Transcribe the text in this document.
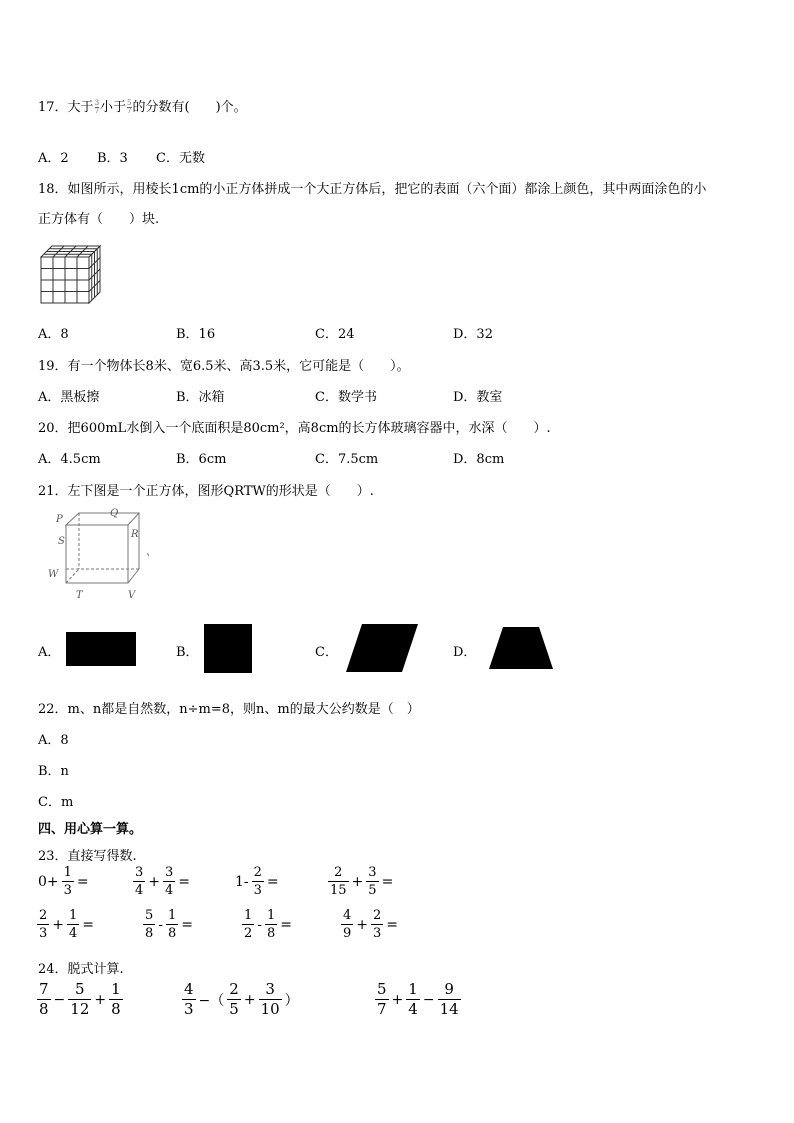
17．大于 $\frac{3}{7}$ 小于 $\frac{5}{7}$ 的分数有(　　)个。
A．2 B．3 C．无数
18．如图所示，用棱长1cm的小正方体拼成一个大正方体后，把它的表面（六个面）都涂上颜色，其中两面涂色的小
正方体有（　　）块.
A．8	B．16	C．24	D．32
19．有一个物体长8米、宽6.5米、高3.5米，它可能是（　　）。
A．黑板擦	B．冰箱	C．数学书	D．教室
20．把600mL水倒入一个底面积是80cm²，高8cm的长方体玻璃容器中，水深（　　）.
A．4.5cm	B．6cm	C．7.5cm	D．8cm
21．左下图是一个正方体，图形QRTW的形状是（　　）.
P
Q
R
S
W
T	V
、
A．	B．	C．	D．
22．m、n都是自然数，n÷m=8，则n、m的最大公约数是（　）
A．8
B．n
C．m
四、用心算一算。
23．直接写得数.
$0+ \frac{1}{3}$ =	$\frac{3}{4} + \frac{3}{4}$ =	$1- \frac{2}{3}$ =	$\frac{2}{15} + \frac{3}{5}$ =
$\frac{2}{3} + \frac{1}{4}$ =	$\frac{5}{8} - \frac{1}{8}$ =	$\frac{1}{2} - \frac{1}{8}$ =	$\frac{4}{9} + \frac{2}{3}$ =
24．脱式计算.
$\frac{7}{8} - \frac{5}{12} + \frac{1}{8}$	$\frac{4}{3}$ −（ $\frac{2}{5} + \frac{3}{10}$ ）	$\frac{5}{7} + \frac{1}{4} - \frac{9}{14}$
